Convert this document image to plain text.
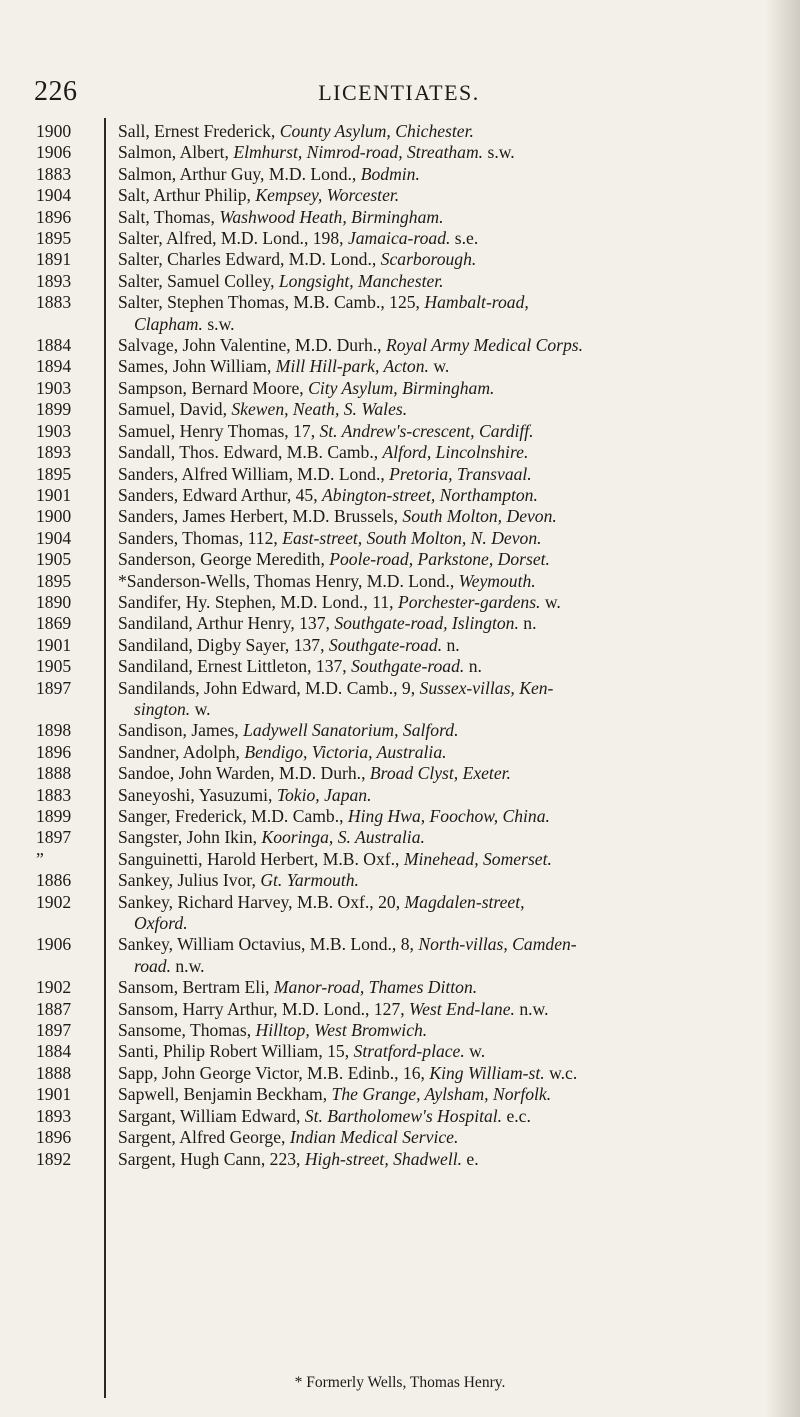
226	LICENTIATES.
1900	Sall, Ernest Frederick, County Asylum, Chichester.
1906	Salmon, Albert, Elmhurst, Nimrod-road, Streatham. s.w.
1883	Salmon, Arthur Guy, M.D. Lond., Bodmin.
1904	Salt, Arthur Philip, Kempsey, Worcester.
1896	Salt, Thomas, Washwood Heath, Birmingham.
1895	Salter, Alfred, M.D. Lond., 198, Jamaica-road. s.e.
1891	Salter, Charles Edward, M.D. Lond., Scarborough.
1893	Salter, Samuel Colley, Longsight, Manchester.
1883	Salter, Stephen Thomas, M.B. Camb., 125, Hambalt-road,
Clapham. s.w.
1884	Salvage, John Valentine, M.D. Durh., Royal Army Medical Corps.
1894	Sames, John William, Mill Hill-park, Acton. w.
1903	Sampson, Bernard Moore, City Asylum, Birmingham.
1899	Samuel, David, Skewen, Neath, S. Wales.
1903	Samuel, Henry Thomas, 17, St. Andrew's-crescent, Cardiff.
1893	Sandall, Thos. Edward, M.B. Camb., Alford, Lincolnshire.
1895	Sanders, Alfred William, M.D. Lond., Pretoria, Transvaal.
1901	Sanders, Edward Arthur, 45, Abington-street, Northampton.
1900	Sanders, James Herbert, M.D. Brussels, South Molton, Devon.
1904	Sanders, Thomas, 112, East-street, South Molton, N. Devon.
1905	Sanderson, George Meredith, Poole-road, Parkstone, Dorset.
1895	*Sanderson-Wells, Thomas Henry, M.D. Lond., Weymouth.
1890	Sandifer, Hy. Stephen, M.D. Lond., 11, Porchester-gardens. w.
1869	Sandiland, Arthur Henry, 137, Southgate-road, Islington. n.
1901	Sandiland, Digby Sayer, 137, Southgate-road. n.
1905	Sandiland, Ernest Littleton, 137, Southgate-road. n.
1897	Sandilands, John Edward, M.D. Camb., 9, Sussex-villas, Ken-
sington. w.
1898	Sandison, James, Ladywell Sanatorium, Salford.
1896	Sandner, Adolph, Bendigo, Victoria, Australia.
1888	Sandoe, John Warden, M.D. Durh., Broad Clyst, Exeter.
1883	Saneyoshi, Yasuzumi, Tokio, Japan.
1899	Sanger, Frederick, M.D. Camb., Hing Hwa, Foochow, China.
1897	Sangster, John Ikin, Kooringa, S. Australia.
”	Sanguinetti, Harold Herbert, M.B. Oxf., Minehead, Somerset.
1886	Sankey, Julius Ivor, Gt. Yarmouth.
1902	Sankey, Richard Harvey, M.B. Oxf., 20, Magdalen-street,
Oxford.
1906	Sankey, William Octavius, M.B. Lond., 8, North-villas, Camden-
road. n.w.
1902	Sansom, Bertram Eli, Manor-road, Thames Ditton.
1887	Sansom, Harry Arthur, M.D. Lond., 127, West End-lane. n.w.
1897	Sansome, Thomas, Hilltop, West Bromwich.
1884	Santi, Philip Robert William, 15, Stratford-place. w.
1888	Sapp, John George Victor, M.B. Edinb., 16, King William-st. w.c.
1901	Sapwell, Benjamin Beckham, The Grange, Aylsham, Norfolk.
1893	Sargant, William Edward, St. Bartholomew's Hospital. e.c.
1896	Sargent, Alfred George, Indian Medical Service.
1892	Sargent, Hugh Cann, 223, High-street, Shadwell. e.
* Formerly Wells, Thomas Henry.
